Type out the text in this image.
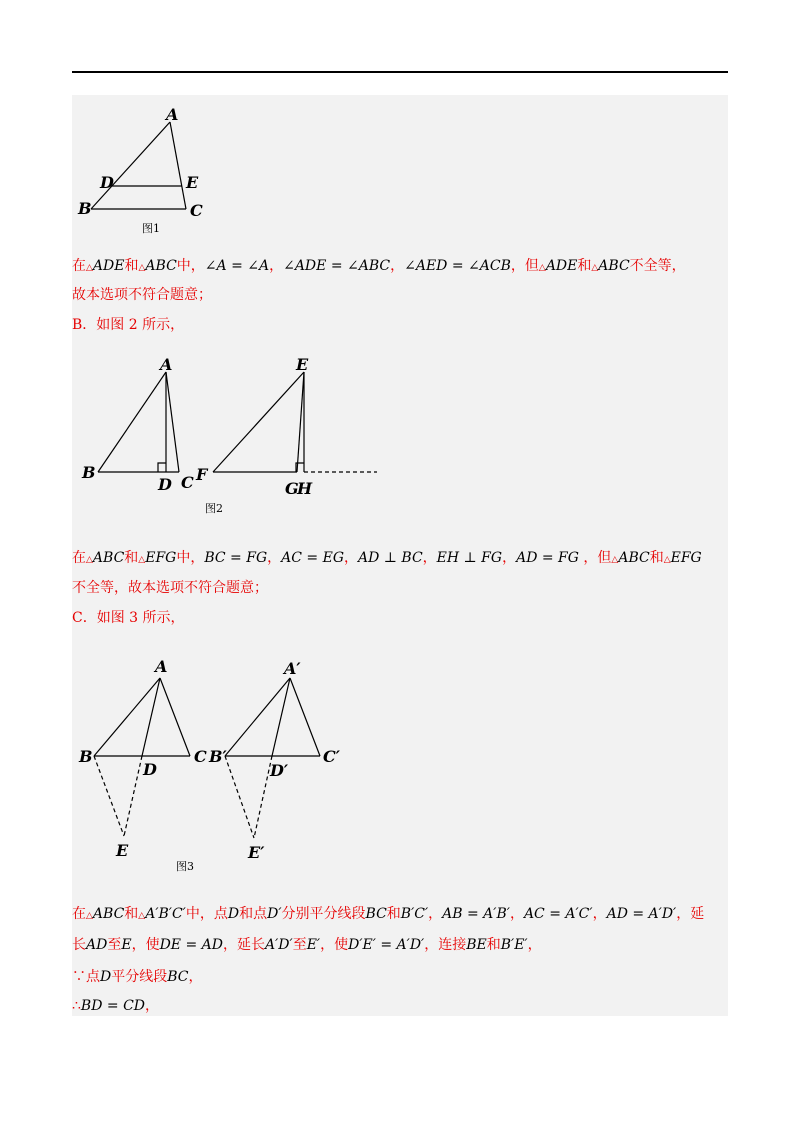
A
B	C
D	E
图1
在△ADE和△ABC中，∠A = ∠A，∠ADE = ∠ABC，∠AED = ∠ACB，但△ADE和△ABC不全等，
故本选项不符合题意；
B．如图 2 所示，
A
B
C
D
E
F
G
H
图2
在△ABC和△EFG中，BC = FG，AC = EG，AD ⊥ BC，EH ⊥ FG，AD = FG ，但△ABC和△EFG
不全等，故本选项不符合题意；
C．如图 3 所示，
A
B	C
D
E
A′
B′	C′
D′
E′
图3
在△ABC和△A′B′C′中，点D和点D′分别平分线段BC和B′C′，AB = A′B′，AC = A′C′，AD = A′D′，延
长AD至E，使DE = AD，延长A′D′至E′，使D′E′ = A′D′，连接BE和B′E′，
∵点D平分线段BC，
∴BD = CD，
